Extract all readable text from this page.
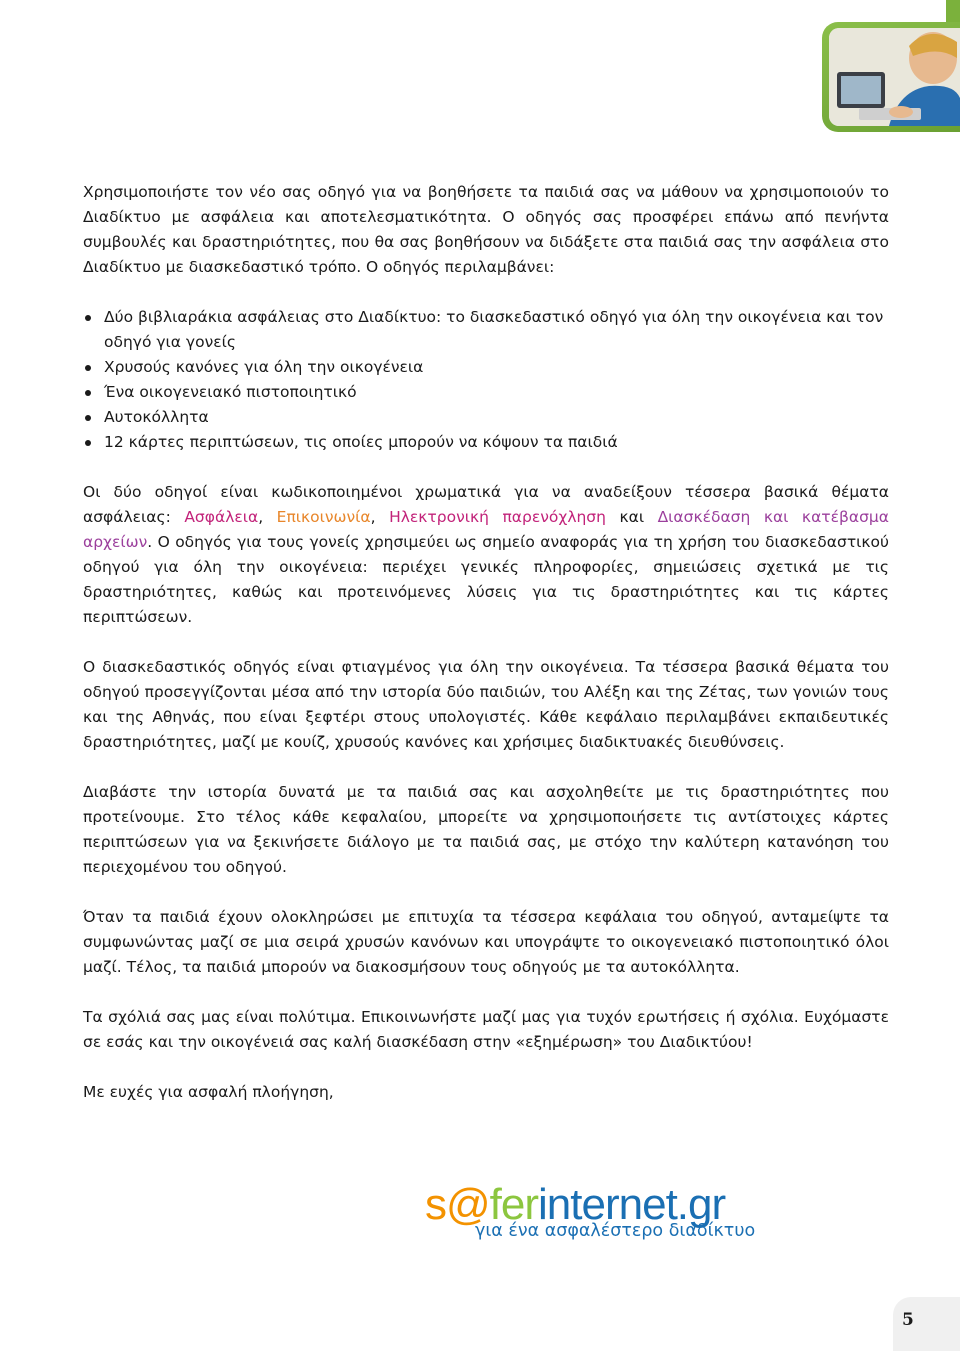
Χρησιμοποιήστε τον νέο σας οδηγό για να βοηθήσετε τα παιδιά σας να μάθουν να χρησιμοποιούν το Διαδίκτυο με ασφάλεια και αποτελεσματικότητα. Ο οδηγός σας προσφέρει επάνω από πενήντα συμβουλές και δραστηριότητες, που θα σας βοηθήσουν να διδάξετε στα παιδιά σας την ασφάλεια στο Διαδίκτυο με διασκεδαστικό τρόπο. Ο οδηγός περιλαμβάνει:

Δύο βιβλιαράκια ασφάλειας στο Διαδίκτυο: το διασκεδαστικό οδηγό για όλη την οικογένεια και τον οδηγό για γονείς
Χρυσούς κανόνες για όλη την οικογένεια
Ένα οικογενειακό πιστοποιητικό
Αυτοκόλλητα
12 κάρτες περιπτώσεων, τις οποίες μπορούν να κόψουν τα παιδιά

Οι δύο οδηγοί είναι κωδικοποιημένοι χρωματικά για να αναδείξουν τέσσερα βασικά θέματα ασφάλειας: Ασφάλεια, Επικοινωνία, Ηλεκτρονική παρενόχληση και Διασκέδαση και κατέβασμα αρχείων. Ο οδηγός για τους γονείς χρησιμεύει ως σημείο αναφοράς για τη χρήση του διασκεδαστικού οδηγού για όλη την οικογένεια: περιέχει γενικές πληροφορίες, σημειώσεις σχετικά με τις δραστηριότητες, καθώς και προτεινόμενες λύσεις για τις δραστηριότητες και τις κάρτες περιπτώσεων.

Ο διασκεδαστικός οδηγός είναι φτιαγμένος για όλη την οικογένεια. Τα τέσσερα βασικά θέματα του οδηγού προσεγγίζονται μέσα από την ιστορία δύο παιδιών, του Αλέξη και της Ζέτας, των γονιών τους και της Αθηνάς, που είναι ξεφτέρι στους υπολογιστές. Κάθε κεφάλαιο περιλαμβάνει εκπαιδευτικές δραστηριότητες, μαζί με κουίζ, χρυσούς κανόνες και χρήσιμες διαδικτυακές διευθύνσεις.

Διαβάστε την ιστορία δυνατά με τα παιδιά σας και ασχοληθείτε με τις δραστηριότητες που προτείνουμε. Στο τέλος κάθε κεφαλαίου, μπορείτε να χρησιμοποιήσετε τις αντίστοιχες κάρτες περιπτώσεων για να ξεκινήσετε διάλογο με τα παιδιά σας, με στόχο την καλύτερη κατανόηση του περιεχομένου του οδηγού.

Όταν τα παιδιά έχουν ολοκληρώσει με επιτυχία τα τέσσερα κεφάλαια του οδηγού, ανταμείψτε τα συμφωνώντας μαζί σε μια σειρά χρυσών κανόνων και υπογράψτε το οικογενειακό πιστοποιητικό όλοι μαζί. Τέλος, τα παιδιά μπορούν να διακοσμήσουν τους οδηγούς με τα αυτοκόλλητα.

Τα σχόλιά σας μας είναι πολύτιμα. Επικοινωνήστε μαζί μας για τυχόν ερωτήσεις ή σχόλια. Ευχόμαστε σε εσάς και την οικογένειά σας καλή διασκέδαση στην «εξημέρωση» του Διαδικτύου!

Με ευχές για ασφαλή πλοήγηση,

s@ferinternet.gr
για ένα ασφαλέστερο διαδίκτυο
5
